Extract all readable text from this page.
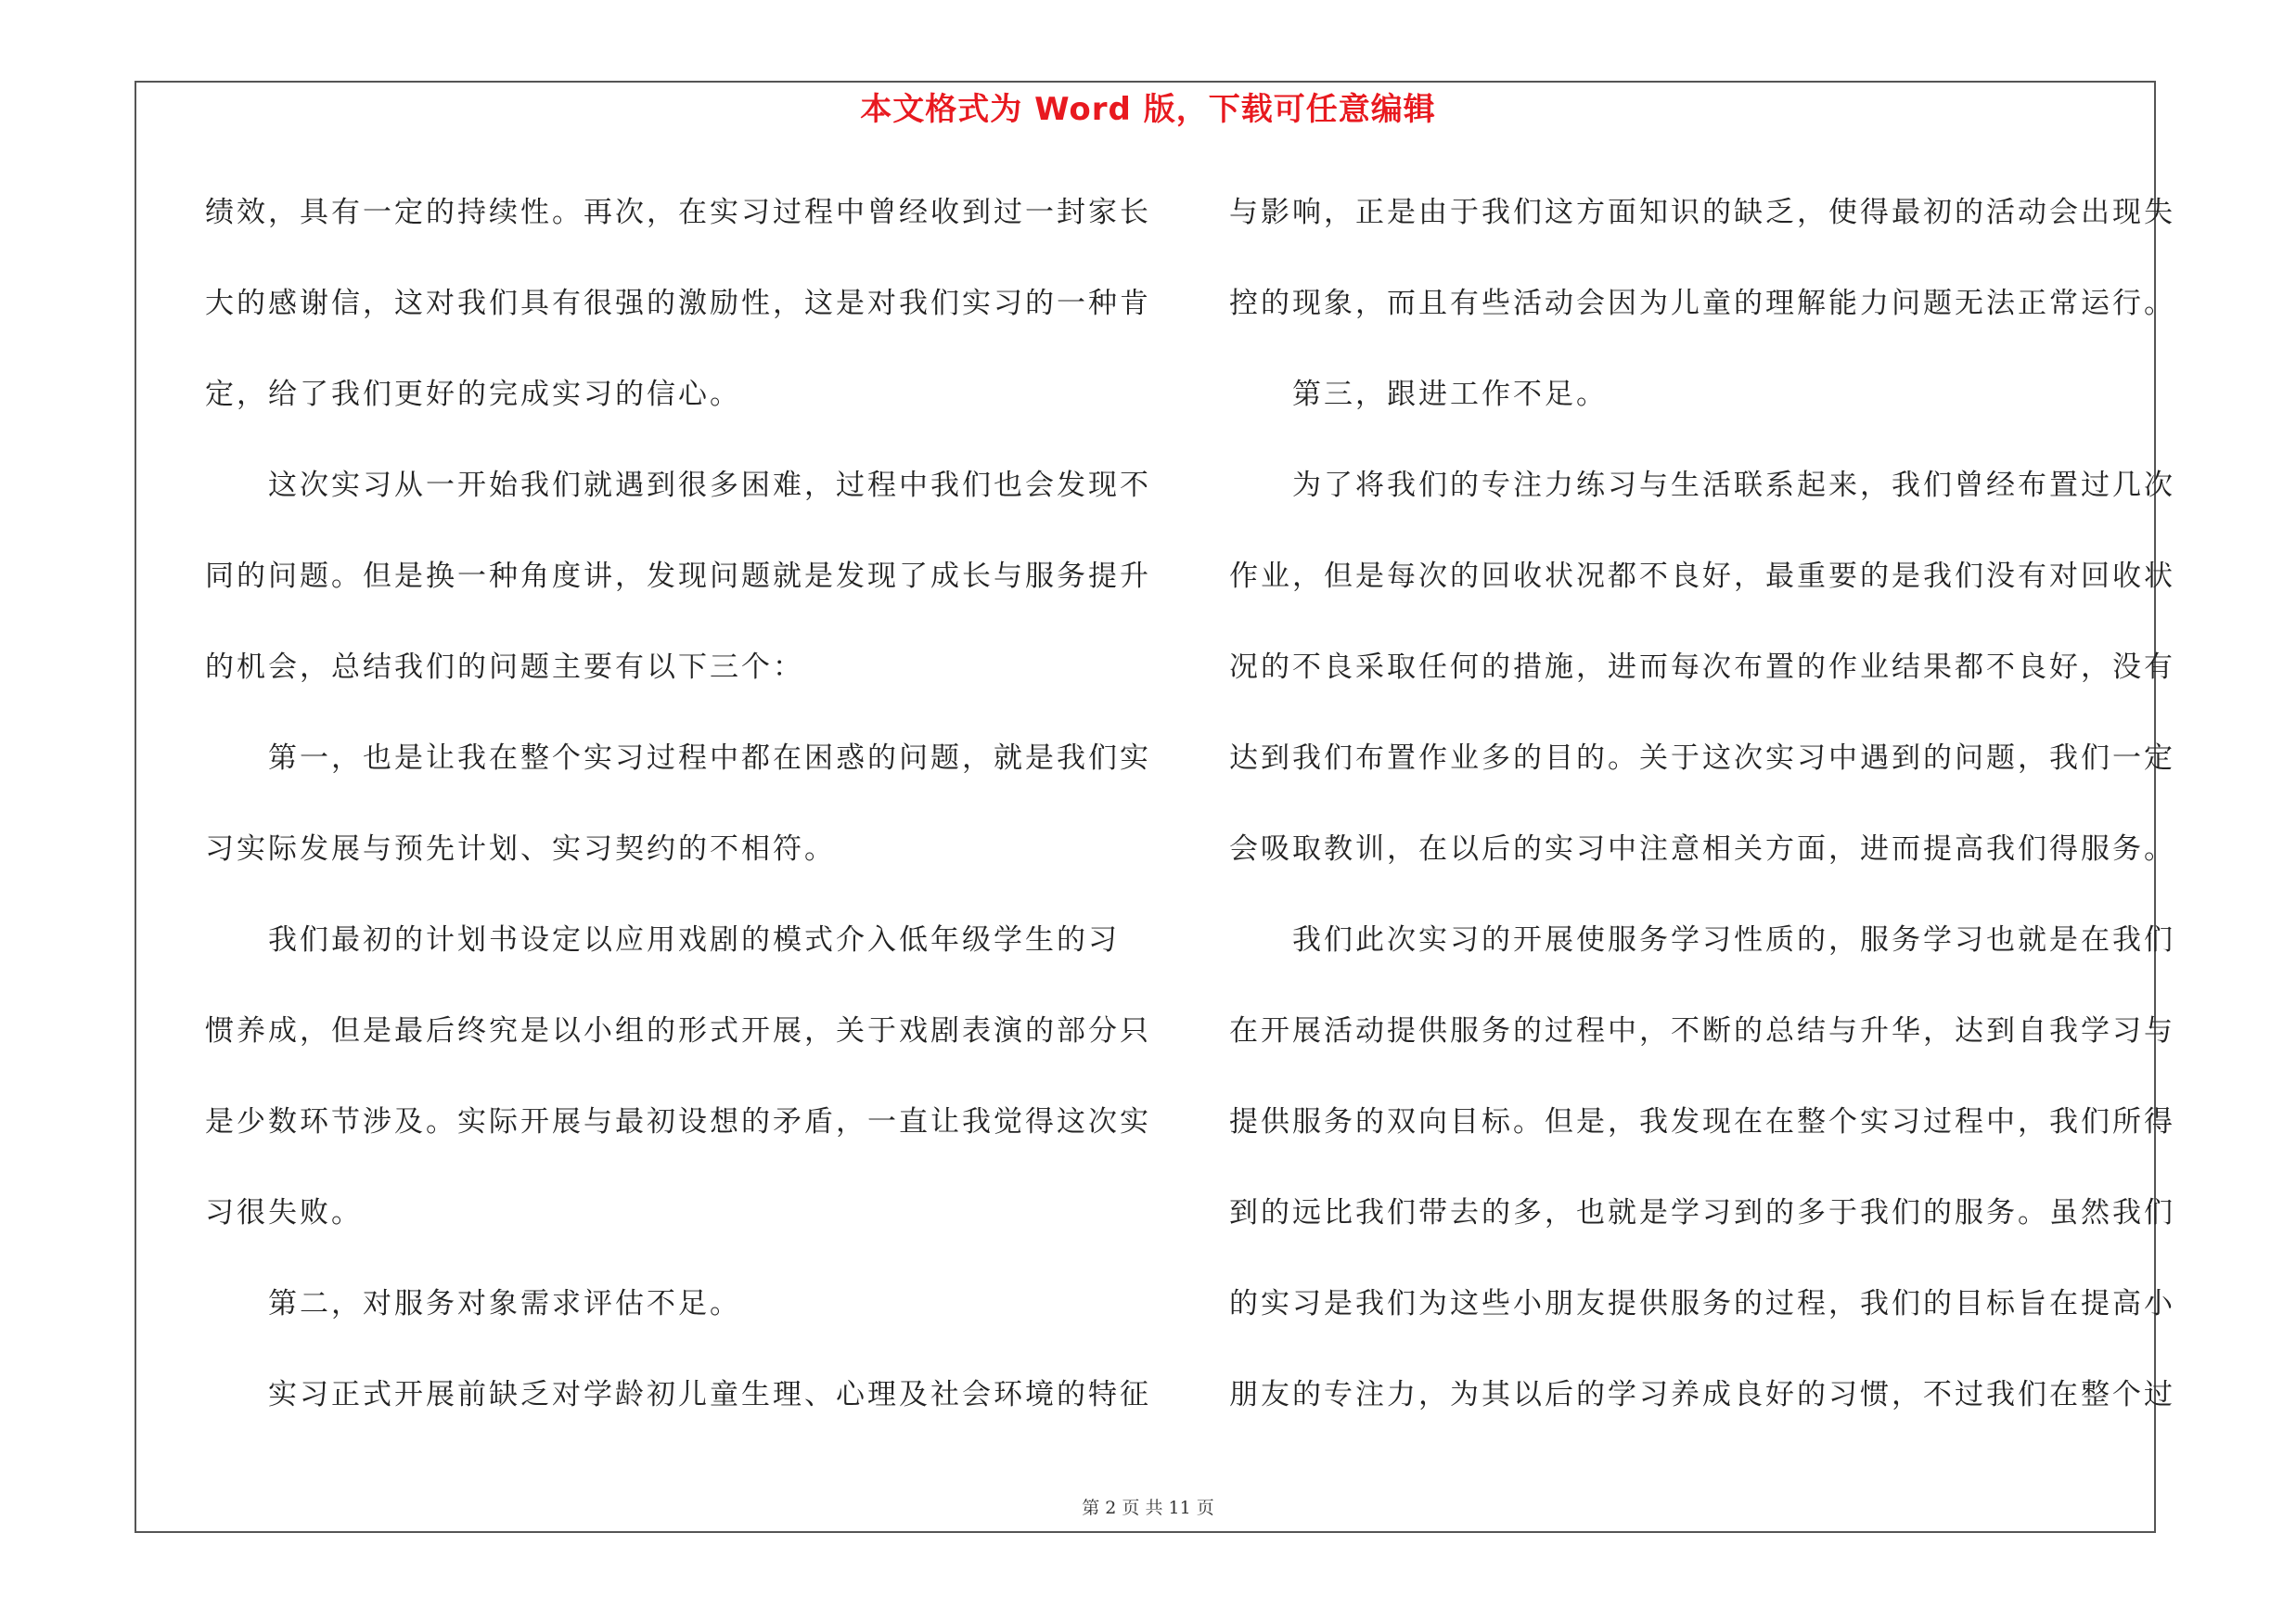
本文格式为 Word 版，下载可任意编辑
绩效，具有一定的持续性。再次，在实习过程中曾经收到过一封家长
大的感谢信，这对我们具有很强的激励性，这是对我们实习的一种肯
定，给了我们更好的完成实习的信心。
　　这次实习从一开始我们就遇到很多困难，过程中我们也会发现不
同的问题。但是换一种角度讲，发现问题就是发现了成长与服务提升
的机会，总结我们的问题主要有以下三个：
　　第一，也是让我在整个实习过程中都在困惑的问题，就是我们实
习实际发展与预先计划、实习契约的不相符。
　　我们最初的计划书设定以应用戏剧的模式介入低年级学生的习
惯养成，但是最后终究是以小组的形式开展，关于戏剧表演的部分只
是少数环节涉及。实际开展与最初设想的矛盾，一直让我觉得这次实
习很失败。
　　第二，对服务对象需求评估不足。
　　实习正式开展前缺乏对学龄初儿童生理、心理及社会环境的特征
与影响，正是由于我们这方面知识的缺乏，使得最初的活动会出现失
控的现象，而且有些活动会因为儿童的理解能力问题无法正常运行。
　　第三，跟进工作不足。
　　为了将我们的专注力练习与生活联系起来，我们曾经布置过几次
作业，但是每次的回收状况都不良好，最重要的是我们没有对回收状
况的不良采取任何的措施，进而每次布置的作业结果都不良好，没有
达到我们布置作业多的目的。关于这次实习中遇到的问题，我们一定
会吸取教训，在以后的实习中注意相关方面，进而提高我们得服务。
　　我们此次实习的开展使服务学习性质的，服务学习也就是在我们
在开展活动提供服务的过程中，不断的总结与升华，达到自我学习与
提供服务的双向目标。但是，我发现在在整个实习过程中，我们所得
到的远比我们带去的多，也就是学习到的多于我们的服务。虽然我们
的实习是我们为这些小朋友提供服务的过程，我们的目标旨在提高小
朋友的专注力，为其以后的学习养成良好的习惯，不过我们在整个过
第 2 页 共 11 页
